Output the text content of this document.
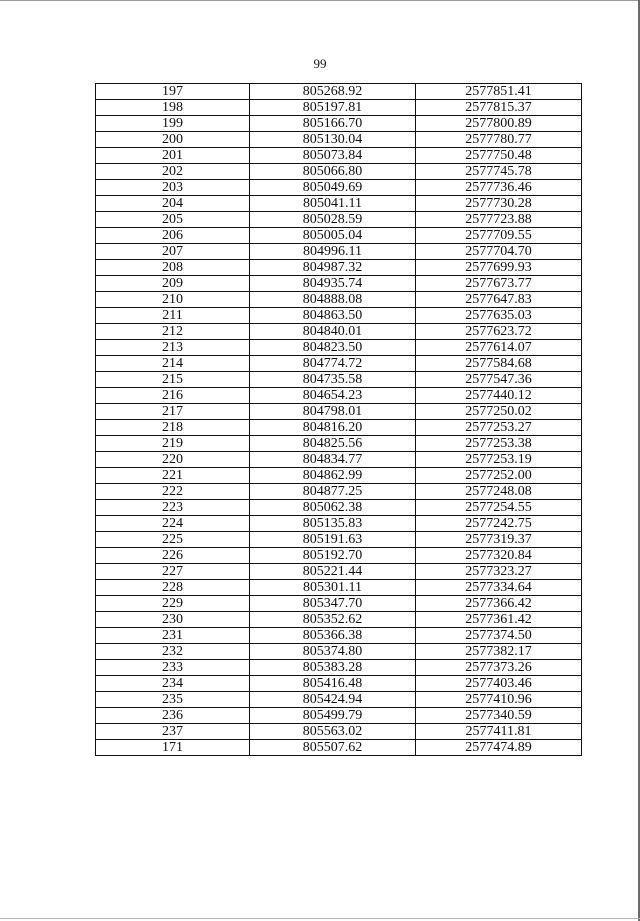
99
197	805268.92	2577851.41
198	805197.81	2577815.37
199	805166.70	2577800.89
200	805130.04	2577780.77
201	805073.84	2577750.48
202	805066.80	2577745.78
203	805049.69	2577736.46
204	805041.11	2577730.28
205	805028.59	2577723.88
206	805005.04	2577709.55
207	804996.11	2577704.70
208	804987.32	2577699.93
209	804935.74	2577673.77
210	804888.08	2577647.83
211	804863.50	2577635.03
212	804840.01	2577623.72
213	804823.50	2577614.07
214	804774.72	2577584.68
215	804735.58	2577547.36
216	804654.23	2577440.12
217	804798.01	2577250.02
218	804816.20	2577253.27
219	804825.56	2577253.38
220	804834.77	2577253.19
221	804862.99	2577252.00
222	804877.25	2577248.08
223	805062.38	2577254.55
224	805135.83	2577242.75
225	805191.63	2577319.37
226	805192.70	2577320.84
227	805221.44	2577323.27
228	805301.11	2577334.64
229	805347.70	2577366.42
230	805352.62	2577361.42
231	805366.38	2577374.50
232	805374.80	2577382.17
233	805383.28	2577373.26
234	805416.48	2577403.46
235	805424.94	2577410.96
236	805499.79	2577340.59
237	805563.02	2577411.81
171	805507.62	2577474.89
